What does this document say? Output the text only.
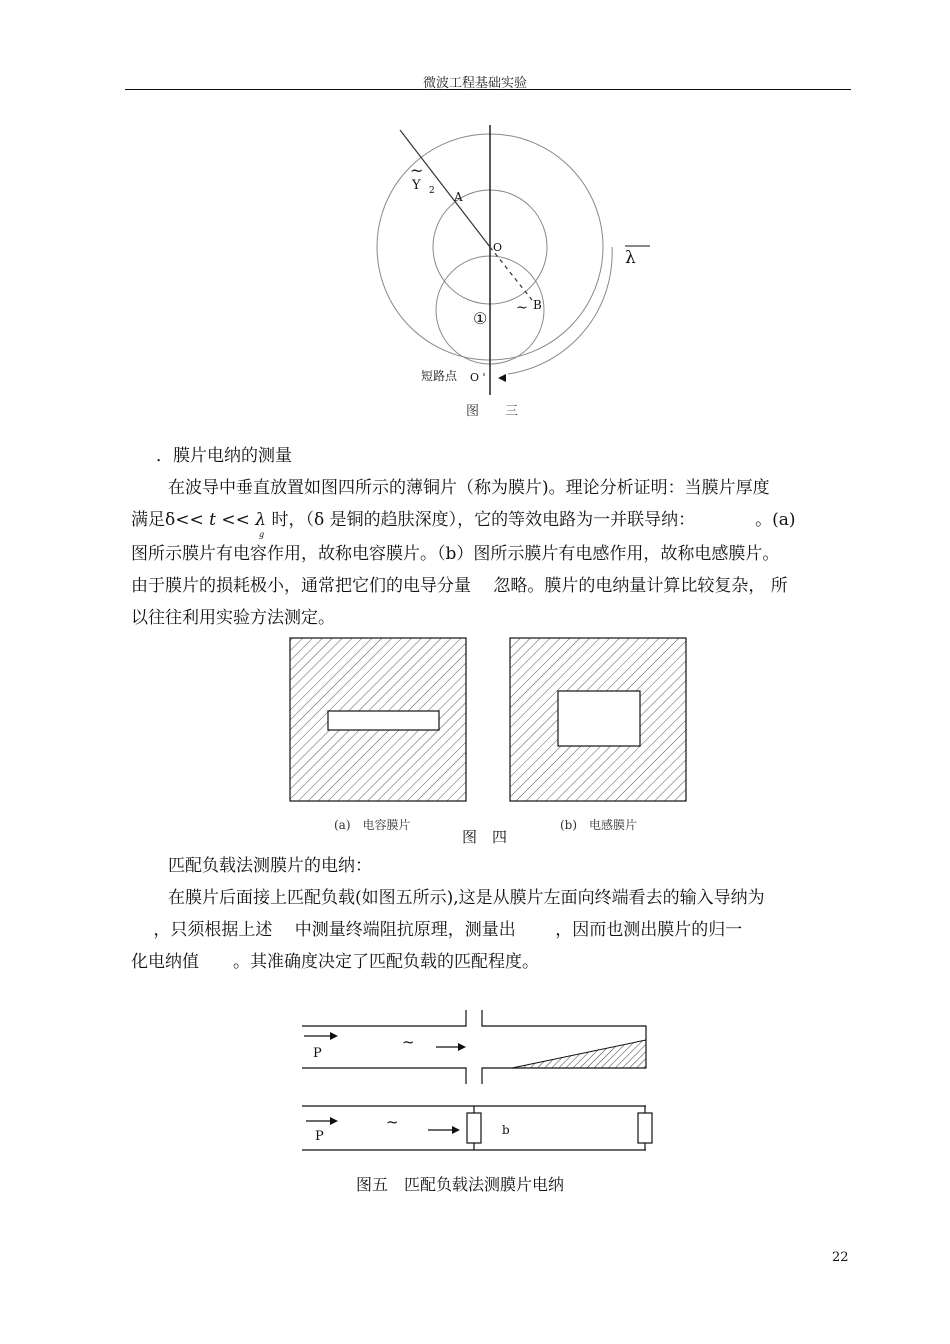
微波工程基础实验
~
Y 2 A
O
~ B
①
λ
短路点 O '
图　　三
．膜片电纳的测量
在波导中垂直放置如图四所示的薄铜片（称为膜片)。理论分析证明：当膜片厚度
满足δ<< t << λ 时，（δ 是铜的趋肤深度），它的等效电路为一并联导纳：	。(a)
g
图所示膜片有电容作用，故称电容膜片。（b）图所示膜片有电感作用，故称电感膜片。
由于膜片的损耗极小，通常把它们的电导分量　 忽略。膜片的电纳量计算比较复杂， 所
以往往利用实验方法测定。
(a)　电容膜片	(b)　电感膜片
图　四
匹配负载法测膜片的电纳：
在膜片后面接上匹配负载(如图五所示),这是从膜片左面向终端看去的输入导纳为
　 ，只须根据上述　 中测量终端阻抗原理，测量出　　 ，因而也测出膜片的归一
化电纳值　　。其准确度决定了匹配负载的匹配程度。
P
~
P
~	b
图五　匹配负载法测膜片电纳
22
